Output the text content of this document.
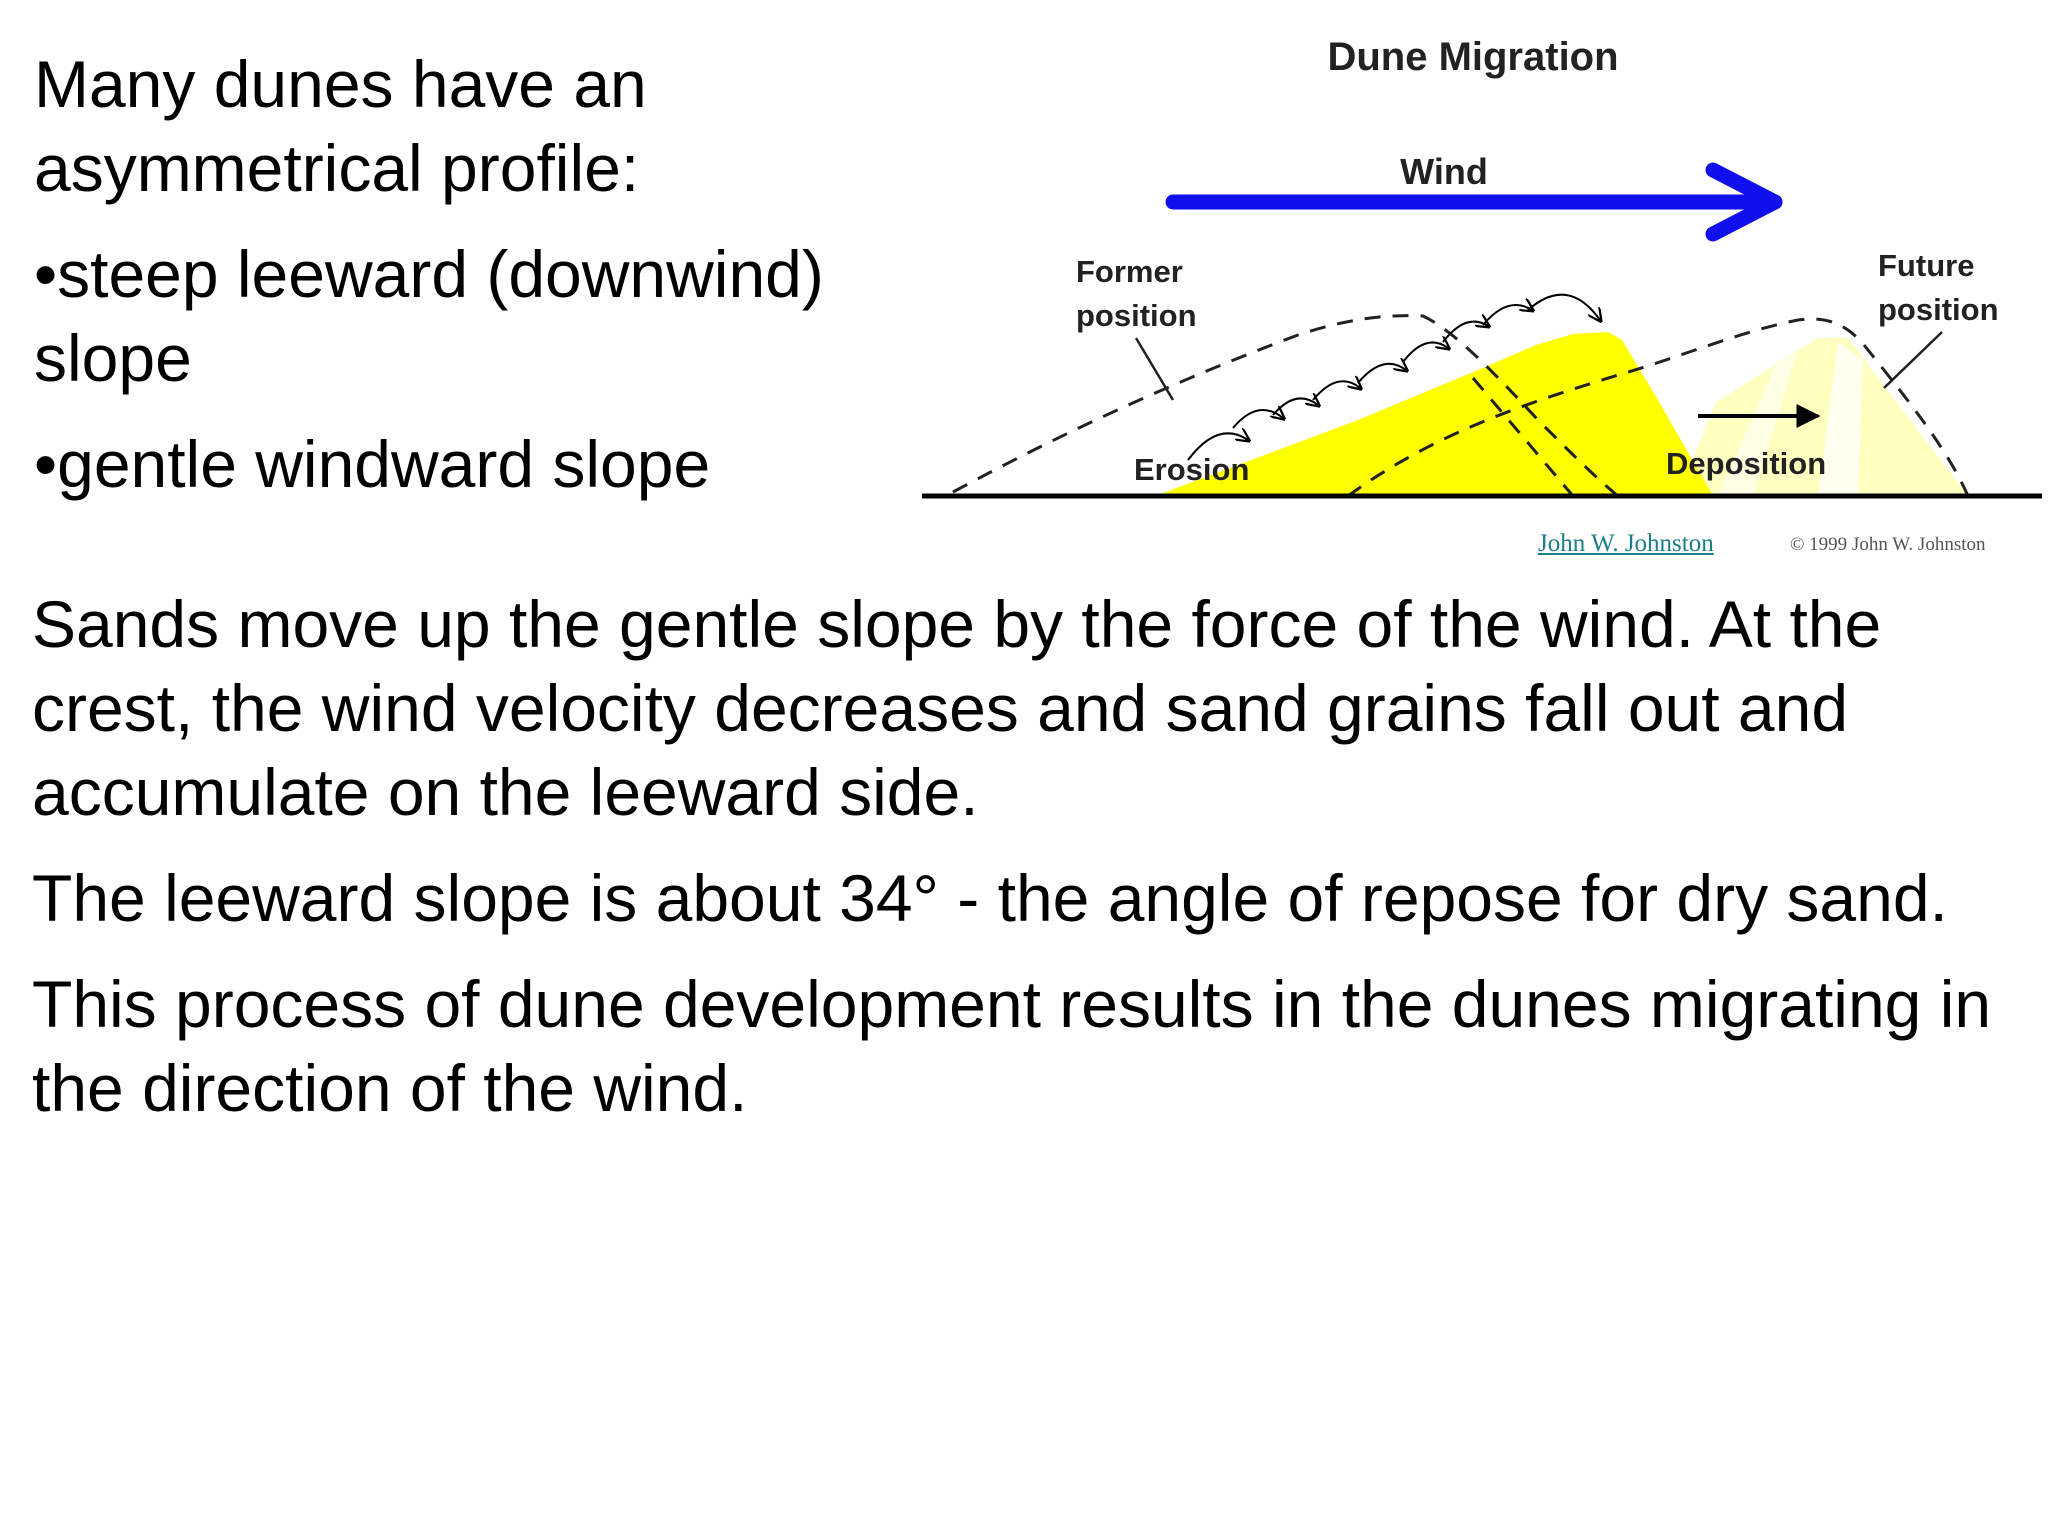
Many dunes have an asymmetrical profile:

•steep leeward (downwind) slope

•gentle windward slope

Dune Migration
Wind
Former
position
Future
position
Erosion	Deposition
John W. Johnston	© 1999 John W. Johnston

Sands move up the gentle slope by the force of the wind. At the crest, the wind velocity decreases and sand grains fall out and accumulate on the leeward side.

The leeward slope is about 34° - the angle of repose for dry sand.

This process of dune development results in the dunes migrating in the direction of the wind.
